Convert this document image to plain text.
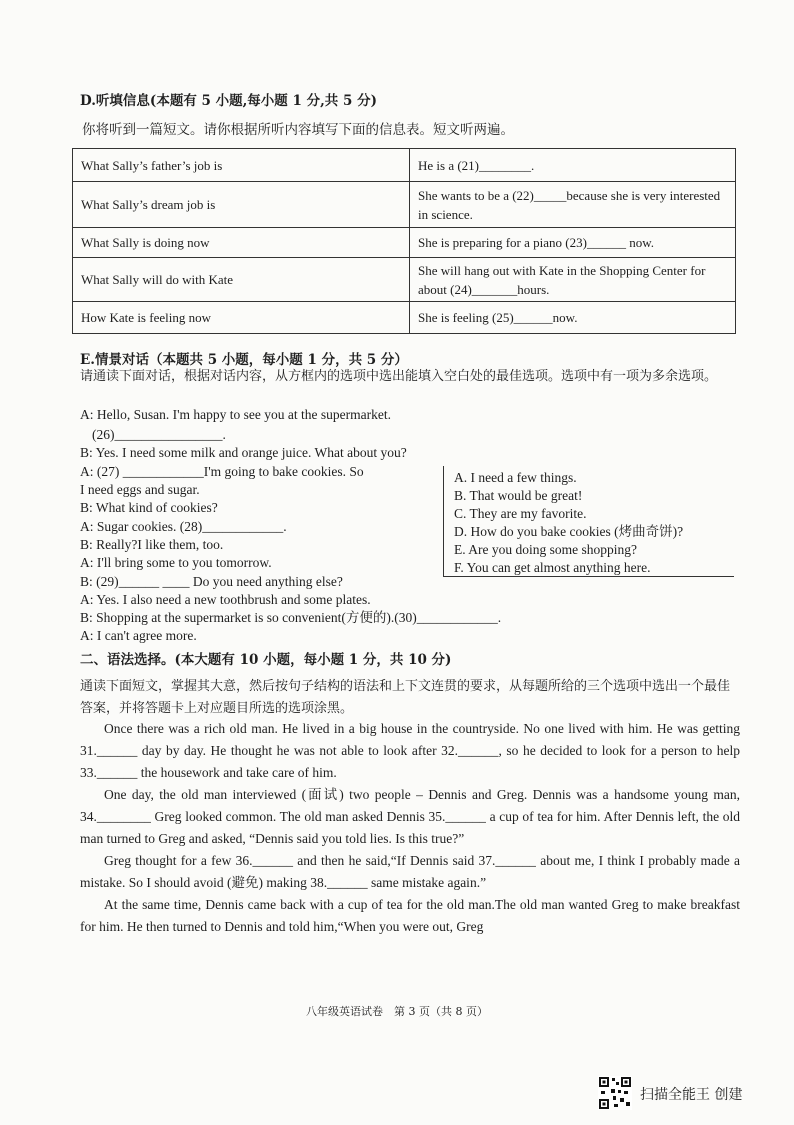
D.听填信息(本题有 5 小题,每小题 1 分,共 5 分)
你将听到一篇短文。请你根据所听内容填写下面的信息表。短文听两遍。
What Sally’s father’s job is	He is a (21)________.
What Sally’s dream job is	She wants to be a (22)_____because she is very interested in science.
What Sally is doing now	She is preparing for a piano (23)______ now.
What Sally will do with Kate	She will hang out with Kate in the Shopping Center for about (24)_______hours.
How Kate is feeling now	She is feeling (25)______now.
E.情景对话（本题共 5 小题，每小题 1 分，共 5 分）
请通读下面对话，根据对话内容，从方框内的选项中选出能填入空白处的最佳选项。选项中有一项为多余选项。
A: Hello, Susan. I'm happy to see you at the supermarket.
(26)________________.
B: Yes. I need some milk and orange juice. What about you?
A: (27) ____________I'm going to bake cookies. So
I need eggs and sugar.
B: What kind of cookies?
A: Sugar cookies. (28)____________.
B: Really?I like them, too.
A: I'll bring some to you tomorrow.
B: (29)______ ____ Do you need anything else?
A: Yes. I also need a new toothbrush and some plates.
B: Shopping at the supermarket is so convenient(方便的).(30)____________.
A: I can't agree more.
A. I need a few things.
B. That would be great!
C. They are my favorite.
D. How do you bake cookies (烤曲奇饼)?
E. Are you doing some shopping?
F. You can get almost anything here.
二、语法选择。(本大题有 10 小题，每小题 1 分，共 10 分)
通读下面短文，掌握其大意，然后按句子结构的语法和上下文连贯的要求，从每题所给的三个选项中选出一个最佳答案，并将答题卡上对应题目所选的选项涂黑。

Once there was a rich old man. He lived in a big house in the countryside. No one lived with him. He was getting 31.______ day by day. He thought he was not able to look after 32.______, so he decided to look for a person to help 33.______ the housework and take care of him.

One day, the old man interviewed (面试) two people – Dennis and Greg. Dennis was a handsome young man, 34.________ Greg looked common. The old man asked Dennis 35.______ a cup of tea for him. After Dennis left, the old man turned to Greg and asked, “Dennis said you told lies. Is this true?”

Greg thought for a few 36.______ and then he said,“If Dennis said 37.______ about me, I think I probably made a mistake. So I should avoid (避免) making 38.______ same mistake again.”

At the same time, Dennis came back with a cup of tea for the old man.The old man wanted Greg to make breakfast for him. He then turned to Dennis and told him,“When you were out, Greg

八年级英语试卷　第 3 页（共 8 页）
扫描全能王 创建
